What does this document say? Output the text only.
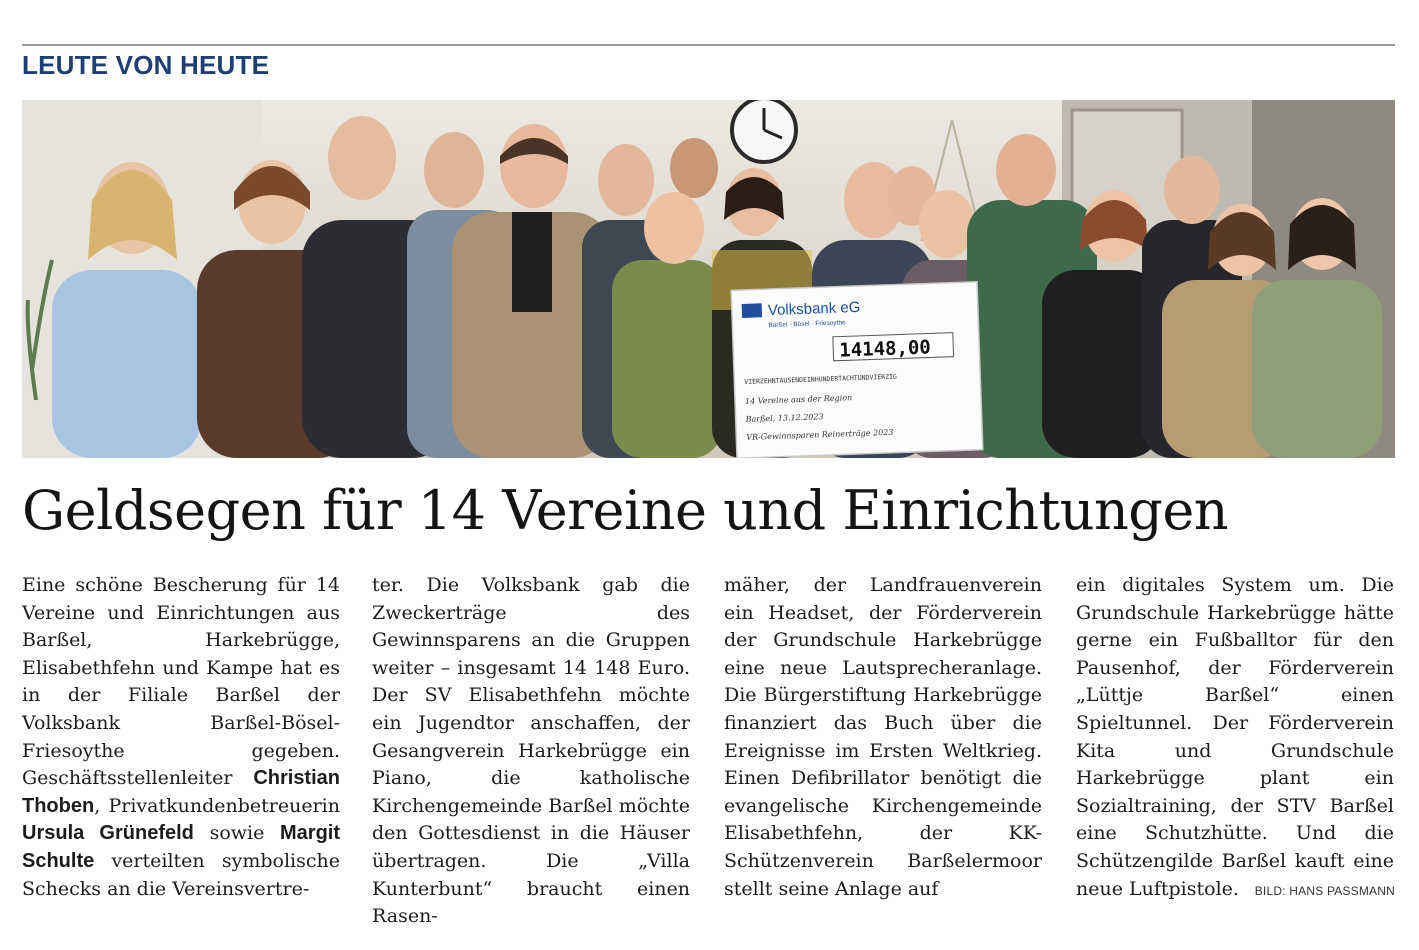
LEUTE VON HEUTE
Volksbank eG
Barßel · Bösel · Friesoythe
14148,00
VIERZEHNTAUSENDEINHUNDERTACHTUNDVIERZIG
14 Vereine aus der Region
Barßel, 13.12.2023
VR-Gewinnsparen Reinerträge 2023
Geldsegen für 14 Vereine und Einrichtungen
Eine schöne Bescherung für 14 Vereine und Einrichtungen aus Barßel, Harkebrügge, Elisabethfehn und Kampe hat es in der Filiale Barßel der Volksbank Barßel-Bösel-Friesoythe gegeben. Geschäftsstellenleiter Christian Thoben, Privatkundenbetreuerin Ursula Grünefeld sowie Margit Schulte verteilten symbolische Schecks an die Vereinsvertre-
ter. Die Volksbank gab die Zweckerträge des Gewinnsparens an die Gruppen weiter – insgesamt 14 148 Euro. Der SV Elisabethfehn möchte ein Jugendtor anschaffen, der Gesangverein Harkebrügge ein Piano, die katholische Kirchengemeinde Barßel möchte den Gottesdienst in die Häuser übertragen. Die „Villa Kunterbunt“ braucht einen Rasen-
mäher, der Landfrauenverein ein Headset, der Förderverein der Grundschule Harkebrügge eine neue Lautsprecheranlage. Die Bürgerstiftung Harkebrügge finanziert das Buch über die Ereignisse im Ersten Weltkrieg. Einen Defibrillator benötigt die evangelische Kirchengemeinde Elisabethfehn, der KK-Schützenverein Barßelermoor stellt seine Anlage auf
ein digitales System um. Die Grundschule Harkebrügge hätte gerne ein Fußballtor für den Pausenhof, der Förderverein „Lüttje Barßel“ einen Spieltunnel. Der Förderverein Kita und Grundschule Harkebrügge plant ein Sozialtraining, der STV Barßel eine Schutzhütte. Und die Schützengilde Barßel kauft eine neue Luftpistole.	BILD: HANS PASSMANN
